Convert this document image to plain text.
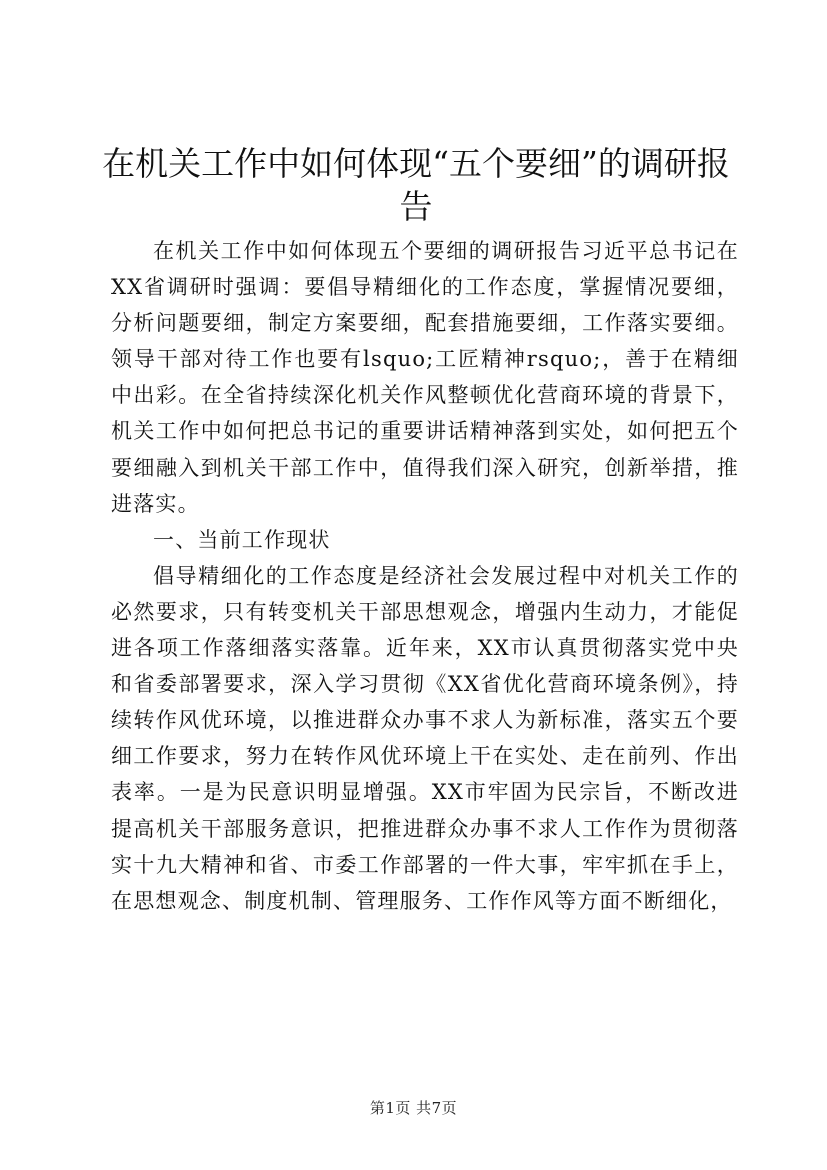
在机关工作中如何体现“五个要细”的调研报告

在机关工作中如何体现五个要细的调研报告习近平总书记在XX省调研时强调：要倡导精细化的工作态度，掌握情况要细，分析问题要细，制定方案要细，配套措施要细，工作落实要细。领导干部对待工作也要有lsquo;工匠精神rsquo;，善于在精细中出彩。在全省持续深化机关作风整顿优化营商环境的背景下，机关工作中如何把总书记的重要讲话精神落到实处，如何把五个要细融入到机关干部工作中，值得我们深入研究，创新举措，推进落实。

一、当前工作现状

倡导精细化的工作态度是经济社会发展过程中对机关工作的必然要求，只有转变机关干部思想观念，增强内生动力，才能促进各项工作落细落实落靠。近年来，XX市认真贯彻落实党中央和省委部署要求，深入学习贯彻《XX省优化营商环境条例》，持续转作风优环境，以推进群众办事不求人为新标准，落实五个要细工作要求，努力在转作风优环境上干在实处、走在前列、作出表率。一是为民意识明显增强。XX市牢固为民宗旨，不断改进提高机关干部服务意识，把推进群众办事不求人工作作为贯彻落实十九大精神和省、市委工作部署的一件大事，牢牢抓在手上，在思想观念、制度机制、管理服务、工作作风等方面不断细化，

第1页 共7页
